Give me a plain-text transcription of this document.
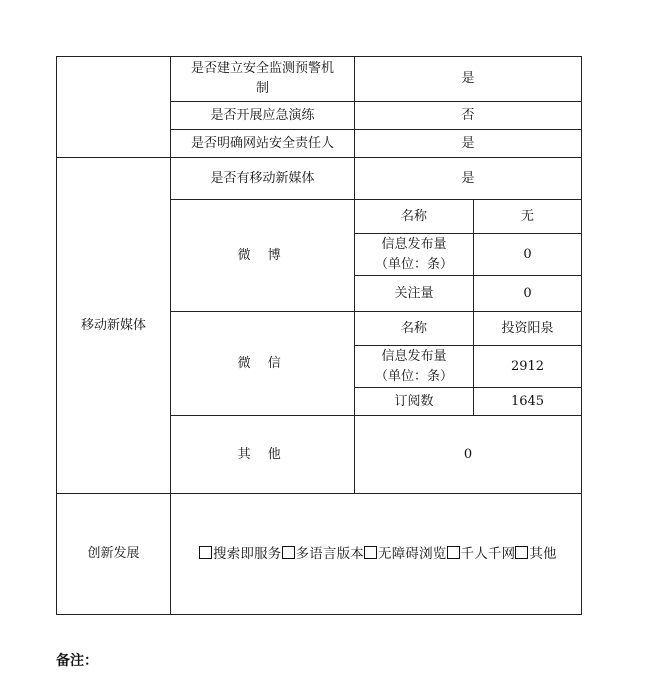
	是否建立安全监测预警机制	是	
	是否开展应急演练	否	
	是否明确网站安全责任人	是	
移动新媒体	是否有移动新媒体	是	
	微 博	名称	无
		信息发布量（单位：条）	0
		关注量	0
	微 信	名称	投资阳泉
		信息发布量（单位：条）	2912
		订阅数	1645
	其 他	0	
创新发展	搜索即服务 多语言版本 无障碍浏览 千人千网 其他		
备注：
